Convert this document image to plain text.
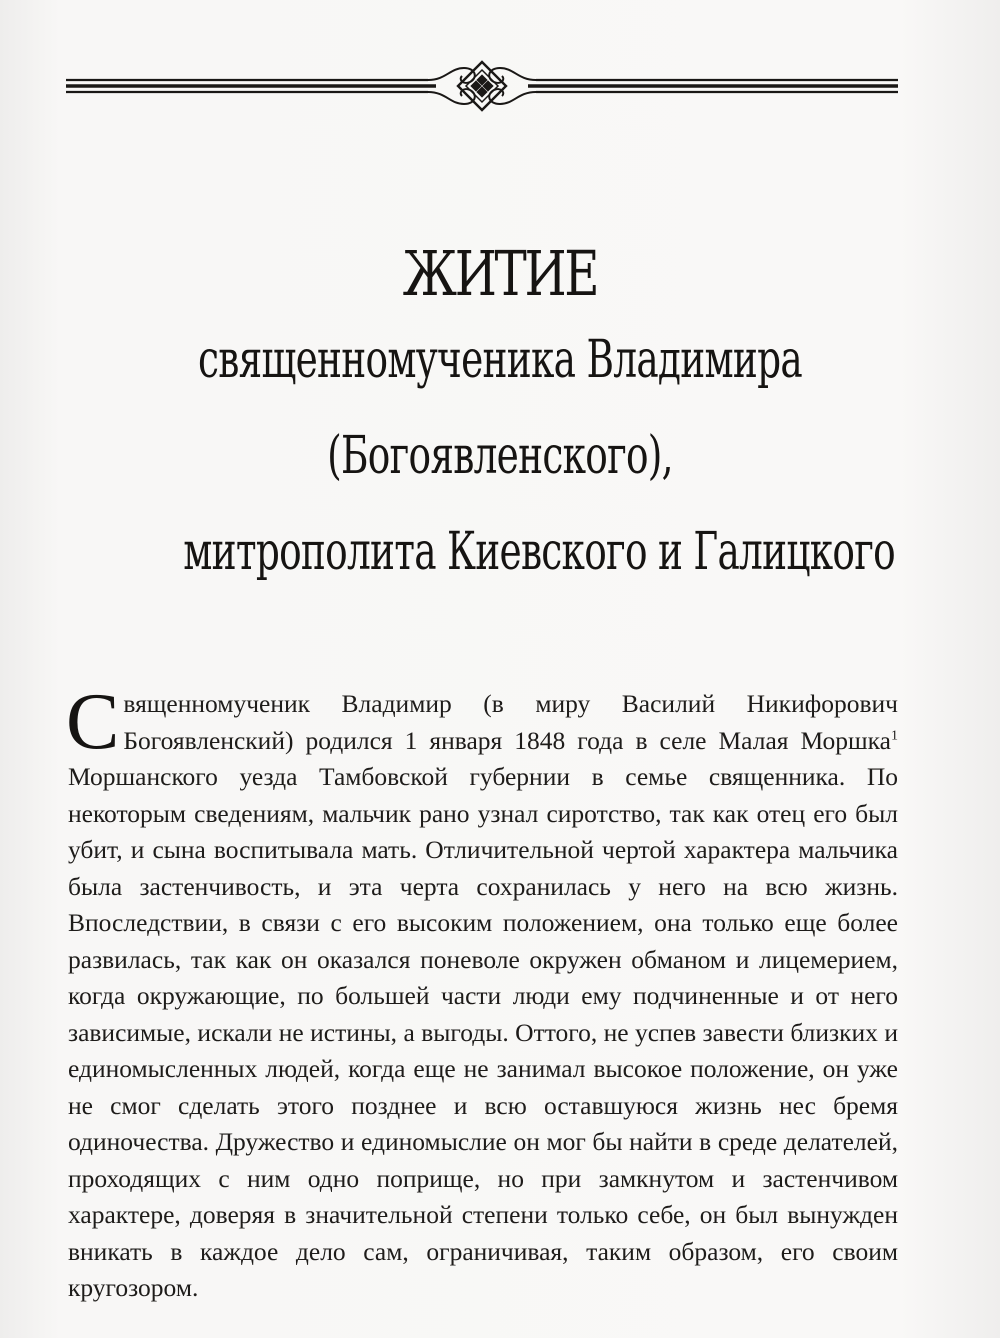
ЖИТИЕ
священномученика Владимира
(Богоявленского),
митрополита Киевского и Галицкого

Священномученик Владимир (в миру Василий Никифорович Богоявленский) родился 1 января 1848 года в селе Малая Моршка$^1$ Моршанского уезда Тамбовской губернии в семье священника. По некоторым сведениям, мальчик рано узнал сиротство, так как отец его был убит, и сына воспитывала мать. Отличительной чертой характера мальчика была застенчивость, и эта черта сохранилась у него на всю жизнь. Впоследствии, в связи с его высоким положением, она только еще более развилась, так как он оказался поневоле окружен обманом и лицемерием, когда окружающие, по большей части люди ему подчиненные и от него зависимые, искали не истины, а выгоды. Оттого, не успев завести близких и единомысленных людей, когда еще не занимал высокое положение, он уже не смог сделать этого позднее и всю оставшуюся жизнь нес бремя одиночества. Дружество и единомыслие он мог бы найти в среде делателей, проходящих с ним одно поприще, но при замкнутом и застенчивом характере, доверяя в значительной степени только себе, он был вынужден вникать в каждое дело сам, ограничивая, таким образом, его своим кругозором.
